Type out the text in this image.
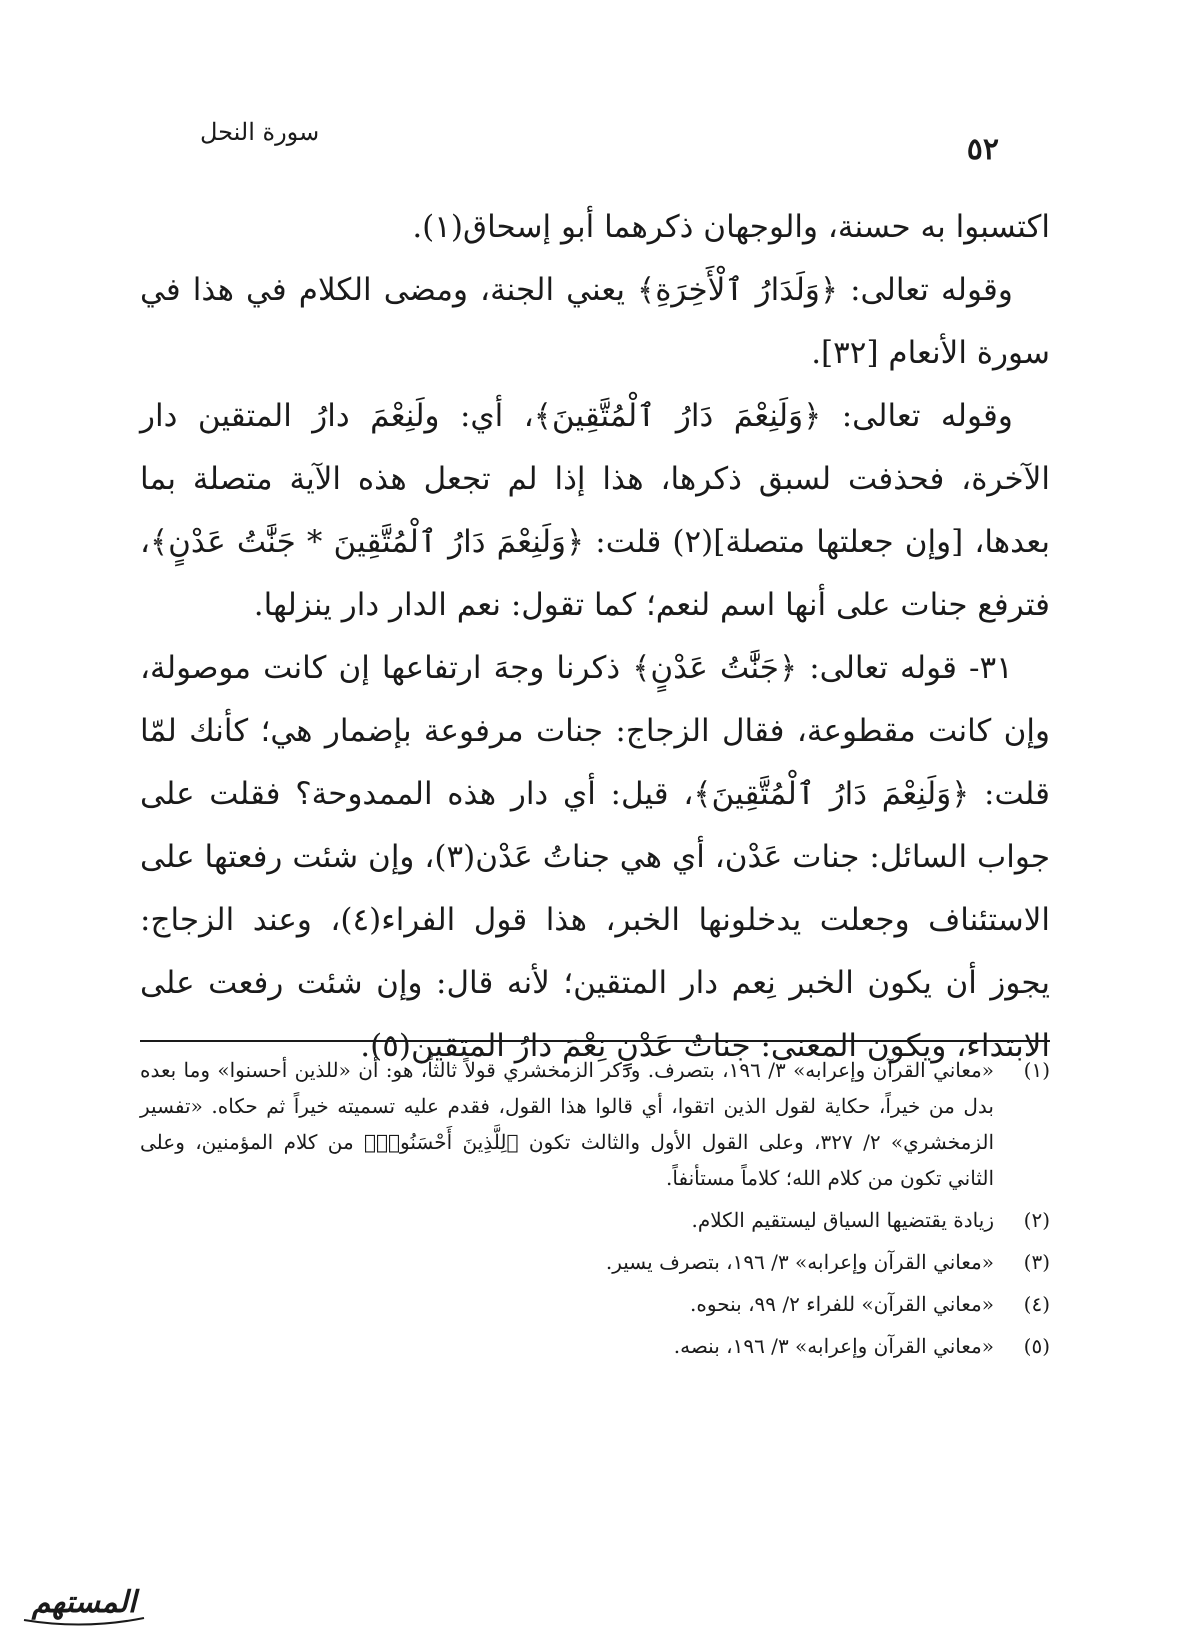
٥٢
سورة النحل

اكتسبوا به حسنة، والوجهان ذكرهما أبو إسحاق(١).

وقوله تعالى: ﴿وَلَدَارُ ٱلْأَخِرَةِ﴾ يعني الجنة، ومضى الكلام في هذا في سورة الأنعام [٣٢].

وقوله تعالى: ﴿وَلَنِعْمَ دَارُ ٱلْمُتَّقِينَ﴾، أي: ولَنِعْمَ دارُ المتقين دار الآخرة، فحذفت لسبق ذكرها، هذا إذا لم تجعل هذه الآية متصلة بما بعدها، [وإن جعلتها متصلة](٢) قلت: ﴿وَلَنِعْمَ دَارُ ٱلْمُتَّقِينَ * جَنَّٰتُ عَدْنٍ﴾، فترفع جنات على أنها اسم لنعم؛ كما تقول: نعم الدار دار ينزلها.

٣١- قوله تعالى: ﴿جَنَّٰتُ عَدْنٍ﴾ ذكرنا وجهَ ارتفاعها إن كانت موصولة، وإن كانت مقطوعة، فقال الزجاج: جنات مرفوعة بإضمار هي؛ كأنك لمّا قلت: ﴿وَلَنِعْمَ دَارُ ٱلْمُتَّقِينَ﴾، قيل: أي دار هذه الممدوحة؟ فقلت على جواب السائل: جنات عَدْن، أي هي جناتُ عَدْن(٣)، وإن شئت رفعتها على الاستئناف وجعلت يدخلونها الخبر، هذا قول الفراء(٤)، وعند الزجاج: يجوز أن يكون الخبر نِعم دار المتقين؛ لأنه قال: وإن شئت رفعت على الابتداء، ويكون المعنى: جناتُ عَدْنٍ نِعْمَ دارُ المتقين(٥).

(١)
«معاني القرآن وإعرابه» ٣/ ١٩٦، بتصرف. وذكر الزمخشري قولاً ثالثاً، هو: أن «للذين أحسنوا» وما بعده بدل من خيراً، حكاية لقول الذين اتقوا، أي قالوا هذا القول، فقدم عليه تسميته خيراً ثم حكاه. «تفسير الزمخشري» ٢/ ٣٢٧، وعلى القول الأول والثالث تكون ﴿لِلَّذِينَ أَحْسَنُوا۟﴾ من كلام المؤمنين، وعلى الثاني تكون من كلام الله؛ كلاماً مستأنفاً.
(٢)
زيادة يقتضيها السياق ليستقيم الكلام.
(٣)
«معاني القرآن وإعرابه» ٣/ ١٩٦، بتصرف يسير.
(٤)
«معاني القرآن» للفراء ٢/ ٩٩، بنحوه.
(٥)
«معاني القرآن وإعرابه» ٣/ ١٩٦، بنصه.
المستهم
